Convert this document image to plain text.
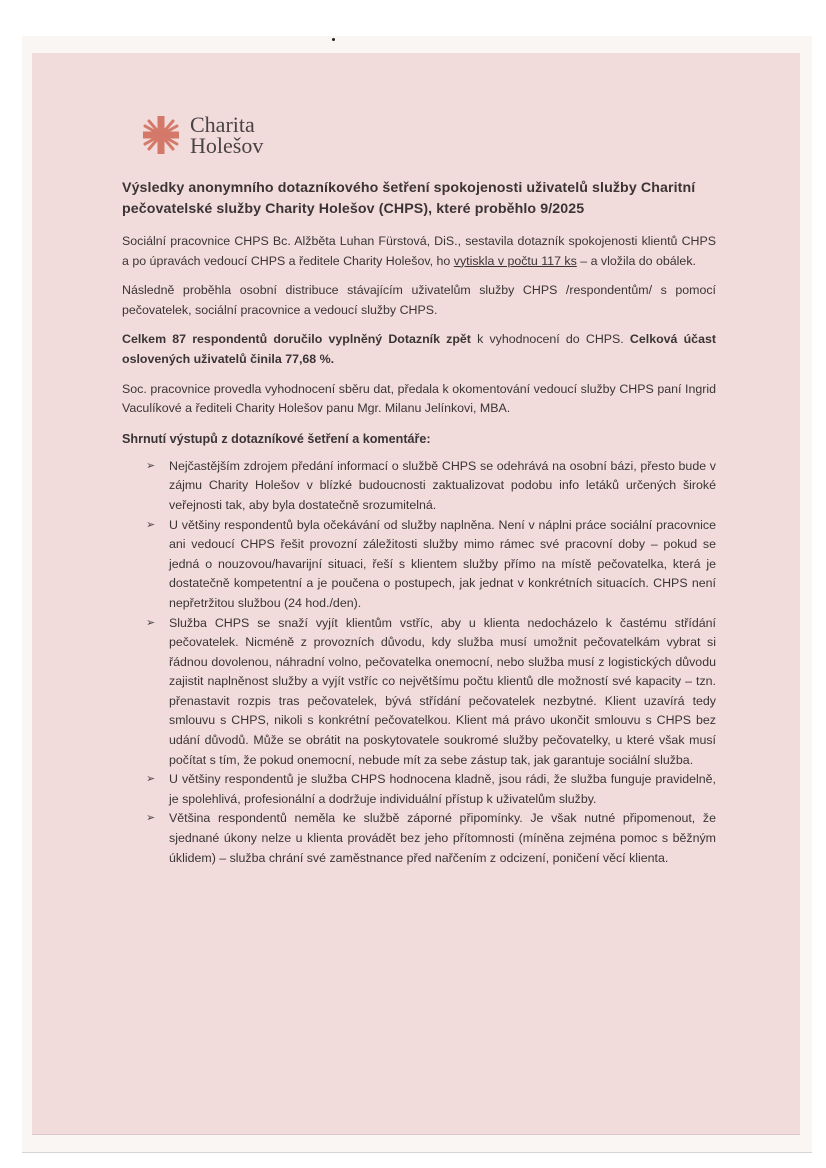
Charita
Holešov
Výsledky anonymního dotazníkového šetření spokojenosti uživatelů služby Charitní pečovatelské služby Charity Holešov (CHPS), které proběhlo 9/2025

Sociální pracovnice CHPS Bc. Alžběta Luhan Fürstová, DiS., sestavila dotazník spokojenosti klientů CHPS a po úpravách vedoucí CHPS a ředitele Charity Holešov, ho vytiskla v počtu 117 ks – a vložila do obálek.

Následně proběhla osobní distribuce stávajícím uživatelům služby CHPS /respondentům/ s pomocí pečovatelek, sociální pracovnice a vedoucí služby CHPS.

Celkem 87 respondentů doručilo vyplněný Dotazník zpět k vyhodnocení do CHPS. Celková účast oslovených uživatelů činila 77,68 %.

Soc. pracovnice provedla vyhodnocení sběru dat, předala k okomentování vedoucí služby CHPS paní Ingrid Vaculíkové a řediteli Charity Holešov panu Mgr. Milanu Jelínkovi, MBA.

Shrnutí výstupů z dotazníkové šetření a komentáře:
➢ Nejčastějším zdrojem předání informací o službě CHPS se odehrává na osobní bázi, přesto bude v zájmu Charity Holešov v blízké budoucnosti zaktualizovat podobu info letáků určených široké veřejnosti tak, aby byla dostatečně srozumitelná.
➢ U většiny respondentů byla očekávání od služby naplněna. Není v náplni práce sociální pracovnice ani vedoucí CHPS řešit provozní záležitosti služby mimo rámec své pracovní doby – pokud se jedná o nouzovou/havarijní situaci, řeší s klientem služby přímo na místě pečovatelka, která je dostatečně kompetentní a je poučena o postupech, jak jednat v konkrétních situacích. CHPS není nepřetržitou službou (24 hod./den).
➢ Služba CHPS se snaží vyjít klientům vstříc, aby u klienta nedocházelo k častému střídání pečovatelek. Nicméně z provozních důvodu, kdy služba musí umožnit pečovatelkám vybrat si řádnou dovolenou, náhradní volno, pečovatelka onemocní, nebo služba musí z logistických důvodu zajistit naplněnost služby a vyjít vstříc co největšímu počtu klientů dle možností své kapacity – tzn. přenastavit rozpis tras pečovatelek, bývá střídání pečovatelek nezbytné. Klient uzavírá tedy smlouvu s CHPS, nikoli s konkrétní pečovatelkou. Klient má právo ukončit smlouvu s CHPS bez udání důvodů. Může se obrátit na poskytovatele soukromé služby pečovatelky, u které však musí počítat s tím, že pokud onemocní, nebude mít za sebe zástup tak, jak garantuje sociální služba.
➢ U většiny respondentů je služba CHPS hodnocena kladně, jsou rádi, že služba funguje pravidelně, je spolehlivá, profesionální a dodržuje individuální přístup k uživatelům služby.
➢ Většina respondentů neměla ke službě záporné připomínky. Je však nutné připomenout, že sjednané úkony nelze u klienta provádět bez jeho přítomnosti (míněna zejména pomoc s běžným úklidem) – služba chrání své zaměstnance před nařčením z odcizení, poničení věcí klienta.
